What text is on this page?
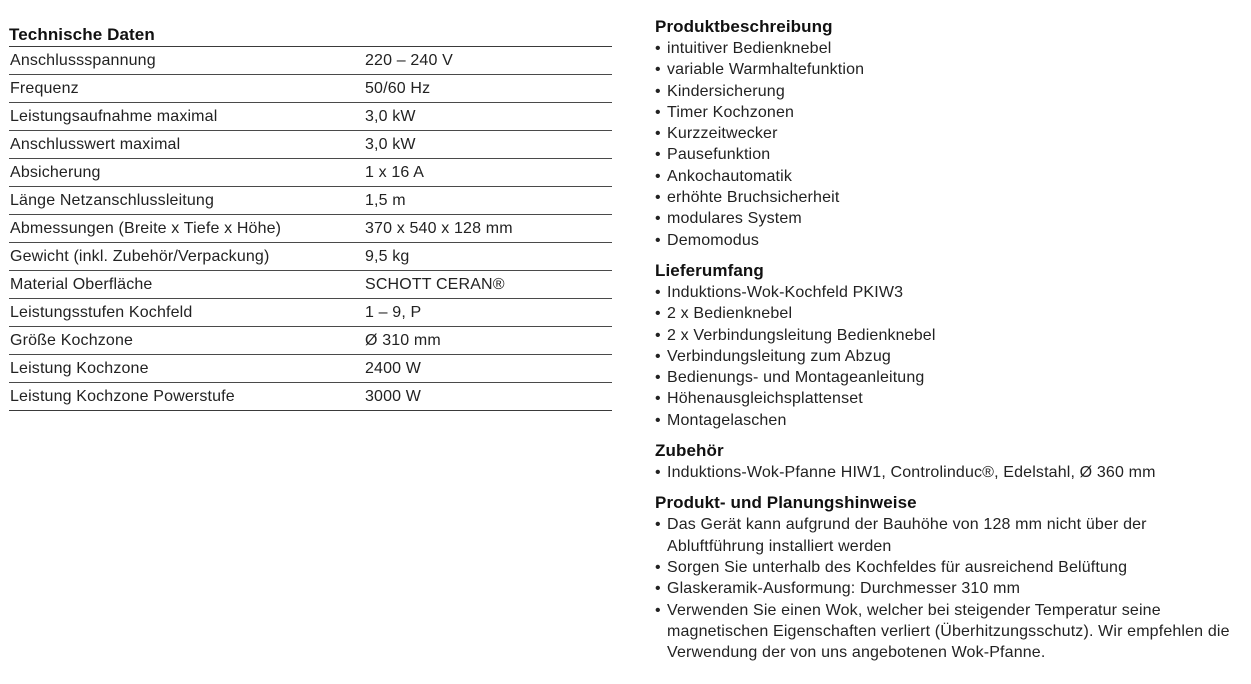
Technische Daten
Anschlussspannung	220 – 240 V
Frequenz	50/60 Hz
Leistungsaufnahme maximal	3,0 kW
Anschlusswert maximal	3,0 kW
Absicherung	1 x 16 A
Länge Netzanschlussleitung	1,5 m
Abmessungen (Breite x Tiefe x Höhe)	370 x 540 x 128 mm
Gewicht (inkl. Zubehör/Verpackung)	9,5 kg
Material Oberfläche	SCHOTT CERAN®
Leistungsstufen Kochfeld	1 – 9, P
Größe Kochzone	Ø 310 mm
Leistung Kochzone	2400 W
Leistung Kochzone Powerstufe	3000 W
Produktbeschreibung
• intuitiver Bedienknebel
• variable Warmhaltefunktion
• Kindersicherung
• Timer Kochzonen
• Kurzzeitwecker
• Pausefunktion
• Ankochautomatik
• erhöhte Bruchsicherheit
• modulares System
• Demomodus
Lieferumfang
• Induktions-Wok-Kochfeld PKIW3
• 2 x Bedienknebel
• 2 x Verbindungsleitung Bedienknebel
• Verbindungsleitung zum Abzug
• Bedienungs- und Montageanleitung
• Höhenausgleichsplattenset
• Montagelaschen
Zubehör
• Induktions-Wok-Pfanne HIW1, Controlinduc®, Edelstahl, Ø 360 mm
Produkt- und Planungshinweise
• Das Gerät kann aufgrund der Bauhöhe von 128 mm nicht über der Abluftführung installiert werden
• Sorgen Sie unterhalb des Kochfeldes für ausreichend Belüftung
• Glaskeramik-Ausformung: Durchmesser 310 mm
• Verwenden Sie einen Wok, welcher bei steigender Temperatur seine magnetischen Eigenschaften verliert (Überhitzungsschutz). Wir empfehlen die Verwendung der von uns angebotenen Wok-Pfanne.
